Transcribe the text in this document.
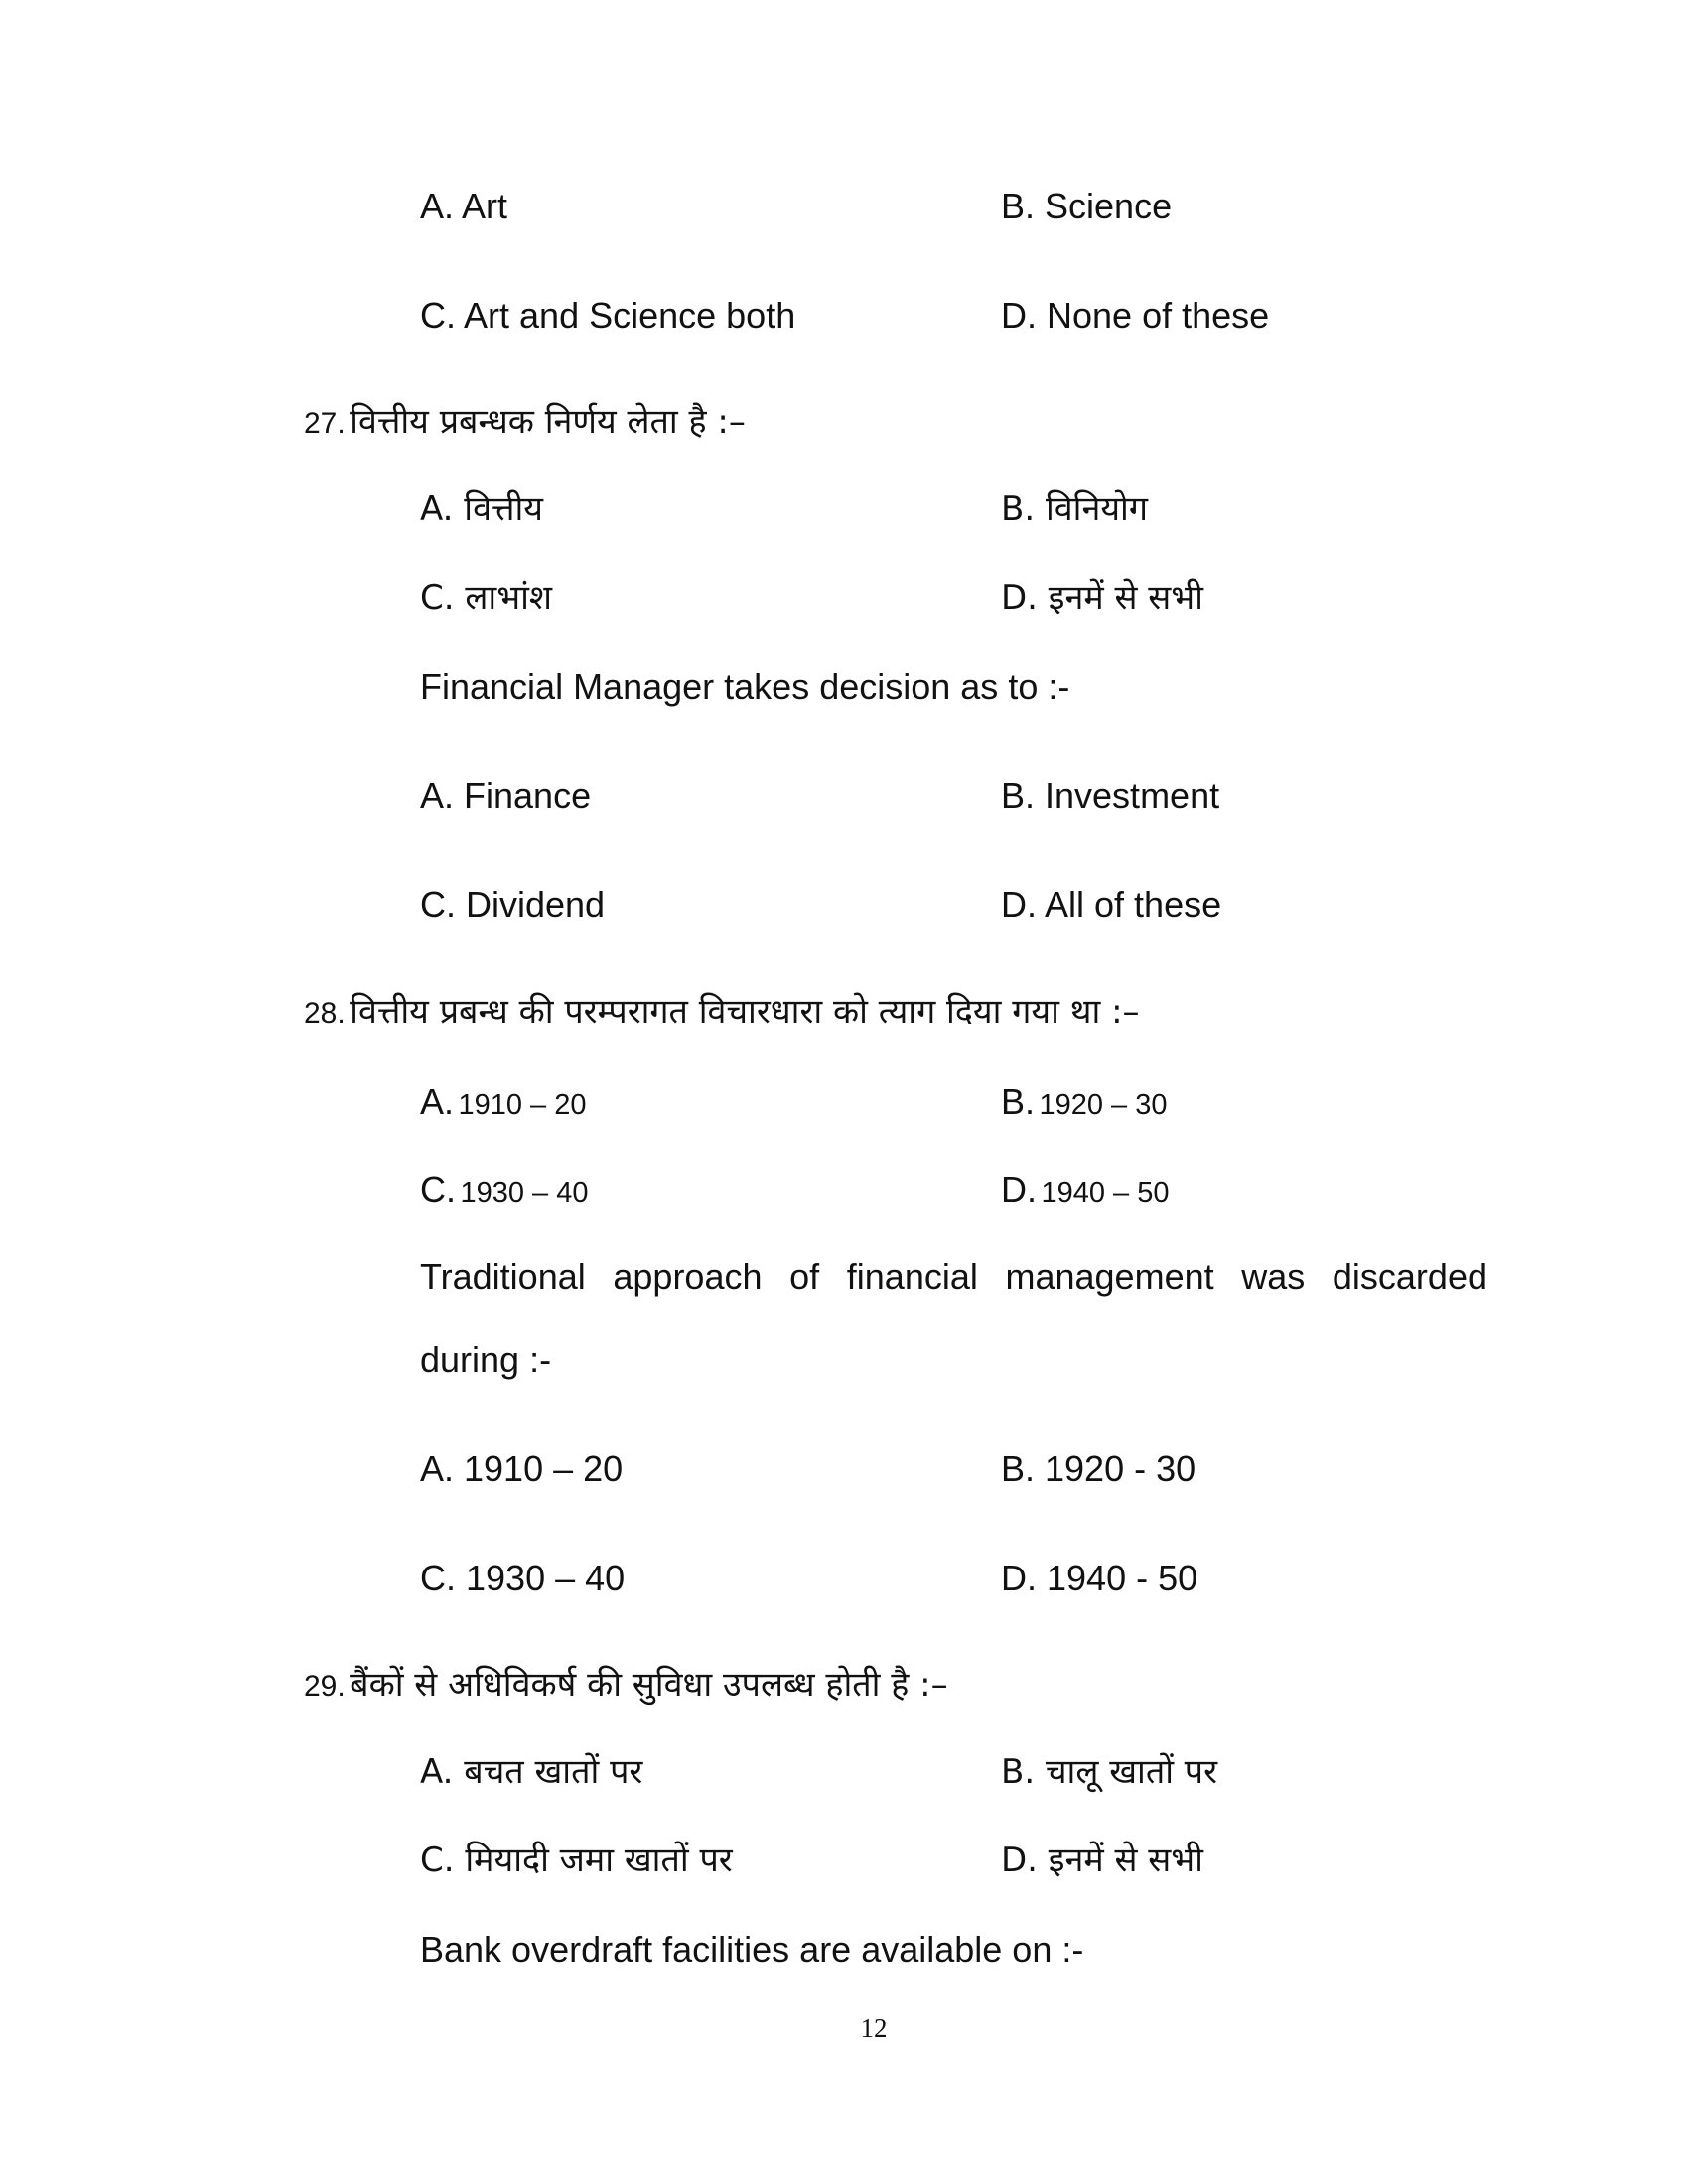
A. Art	B. Science
C. Art and Science both	D. None of these
27. वित्तीय प्रबन्धक निर्णय लेता है :–
A. वित्तीय	B. विनियोग
C. लाभांश	D. इनमें से सभी
Financial Manager takes decision as to :-
A. Finance	B. Investment
C. Dividend	D. All of these
28. वित्तीय प्रबन्ध की परम्परागत विचारधारा को त्याग दिया गया था :–
A. 1910 – 20	B. 1920 – 30
C. 1930 – 40	D. 1940 – 50
Traditional approach of financial management was discarded
during :-
A. 1910 – 20	B. 1920 - 30
C. 1930 – 40	D. 1940 - 50
29. बैंकों से अधिविकर्ष की सुविधा उपलब्ध होती है :–
A. बचत खातों पर	B. चालू खातों पर
C. मियादी जमा खातों पर	D. इनमें से सभी
Bank overdraft facilities are available on :-
12
